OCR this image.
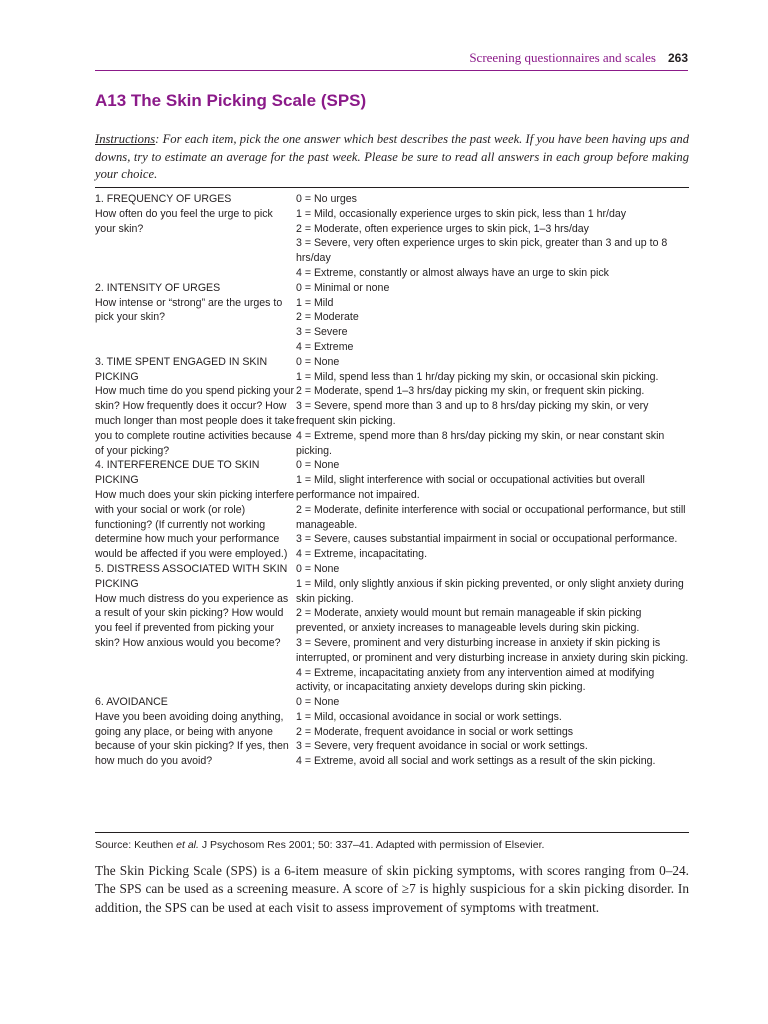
Screening questionnaires and scales 263
A13 The Skin Picking Scale (SPS)
Instructions: For each item, pick the one answer which best describes the past week. If you have been having ups and downs, try to estimate an average for the past week. Please be sure to read all answers in each group before making your choice.
1. FREQUENCY OF URGES
How often do you feel the urge to pick your skin?
0 = No urges
1 = Mild, occasionally experience urges to skin pick, less than 1 hr/day
2 = Moderate, often experience urges to skin pick, 1–3 hrs/day
3 = Severe, very often experience urges to skin pick, greater than 3 and up to 8 hrs/day
4 = Extreme, constantly or almost always have an urge to skin pick
2. INTENSITY OF URGES
How intense or “strong” are the urges to pick your skin?
0 = Minimal or none
1 = Mild
2 = Moderate
3 = Severe
4 = Extreme
3. TIME SPENT ENGAGED IN SKIN PICKING
How much time do you spend picking your skin? How frequently does it occur? How much longer than most people does it take you to complete routine activities because of your picking?
0 = None
1 = Mild, spend less than 1 hr/day picking my skin, or occasional skin picking.
2 = Moderate, spend 1–3 hrs/day picking my skin, or frequent skin picking.
3 = Severe, spend more than 3 and up to 8 hrs/day picking my skin, or very frequent skin picking.
4 = Extreme, spend more than 8 hrs/day picking my skin, or near constant skin picking.
4. INTERFERENCE DUE TO SKIN PICKING
How much does your skin picking interfere with your social or work (or role) functioning? (If currently not working determine how much your performance would be affected if you were employed.)
0 = None
1 = Mild, slight interference with social or occupational activities but overall performance not impaired.
2 = Moderate, definite interference with social or occupational performance, but still manageable.
3 = Severe, causes substantial impairment in social or occupational performance.
4 = Extreme, incapacitating.
5. DISTRESS ASSOCIATED WITH SKIN PICKING
How much distress do you experience as a result of your skin picking? How would you feel if prevented from picking your skin? How anxious would you become?
0 = None
1 = Mild, only slightly anxious if skin picking prevented, or only slight anxiety during skin picking.
2 = Moderate, anxiety would mount but remain manageable if skin picking prevented, or anxiety increases to manageable levels during skin picking.
3 = Severe, prominent and very disturbing increase in anxiety if skin picking is interrupted, or prominent and very disturbing increase in anxiety during skin picking.
4 = Extreme, incapacitating anxiety from any intervention aimed at modifying activity, or incapacitating anxiety develops during skin picking.
6. AVOIDANCE
Have you been avoiding doing anything, going any place, or being with anyone because of your skin picking? If yes, then how much do you avoid?
0 = None
1 = Mild, occasional avoidance in social or work settings.
2 = Moderate, frequent avoidance in social or work settings
3 = Severe, very frequent avoidance in social or work settings.
4 = Extreme, avoid all social and work settings as a result of the skin picking.
Source: Keuthen et al. J Psychosom Res 2001; 50: 337–41. Adapted with permission of Elsevier.
The Skin Picking Scale (SPS) is a 6-item measure of skin picking symptoms, with scores ranging from 0–24. The SPS can be used as a screening measure. A score of ≥7 is highly suspicious for a skin picking disorder. In addition, the SPS can be used at each visit to assess improvement of symptoms with treatment.
